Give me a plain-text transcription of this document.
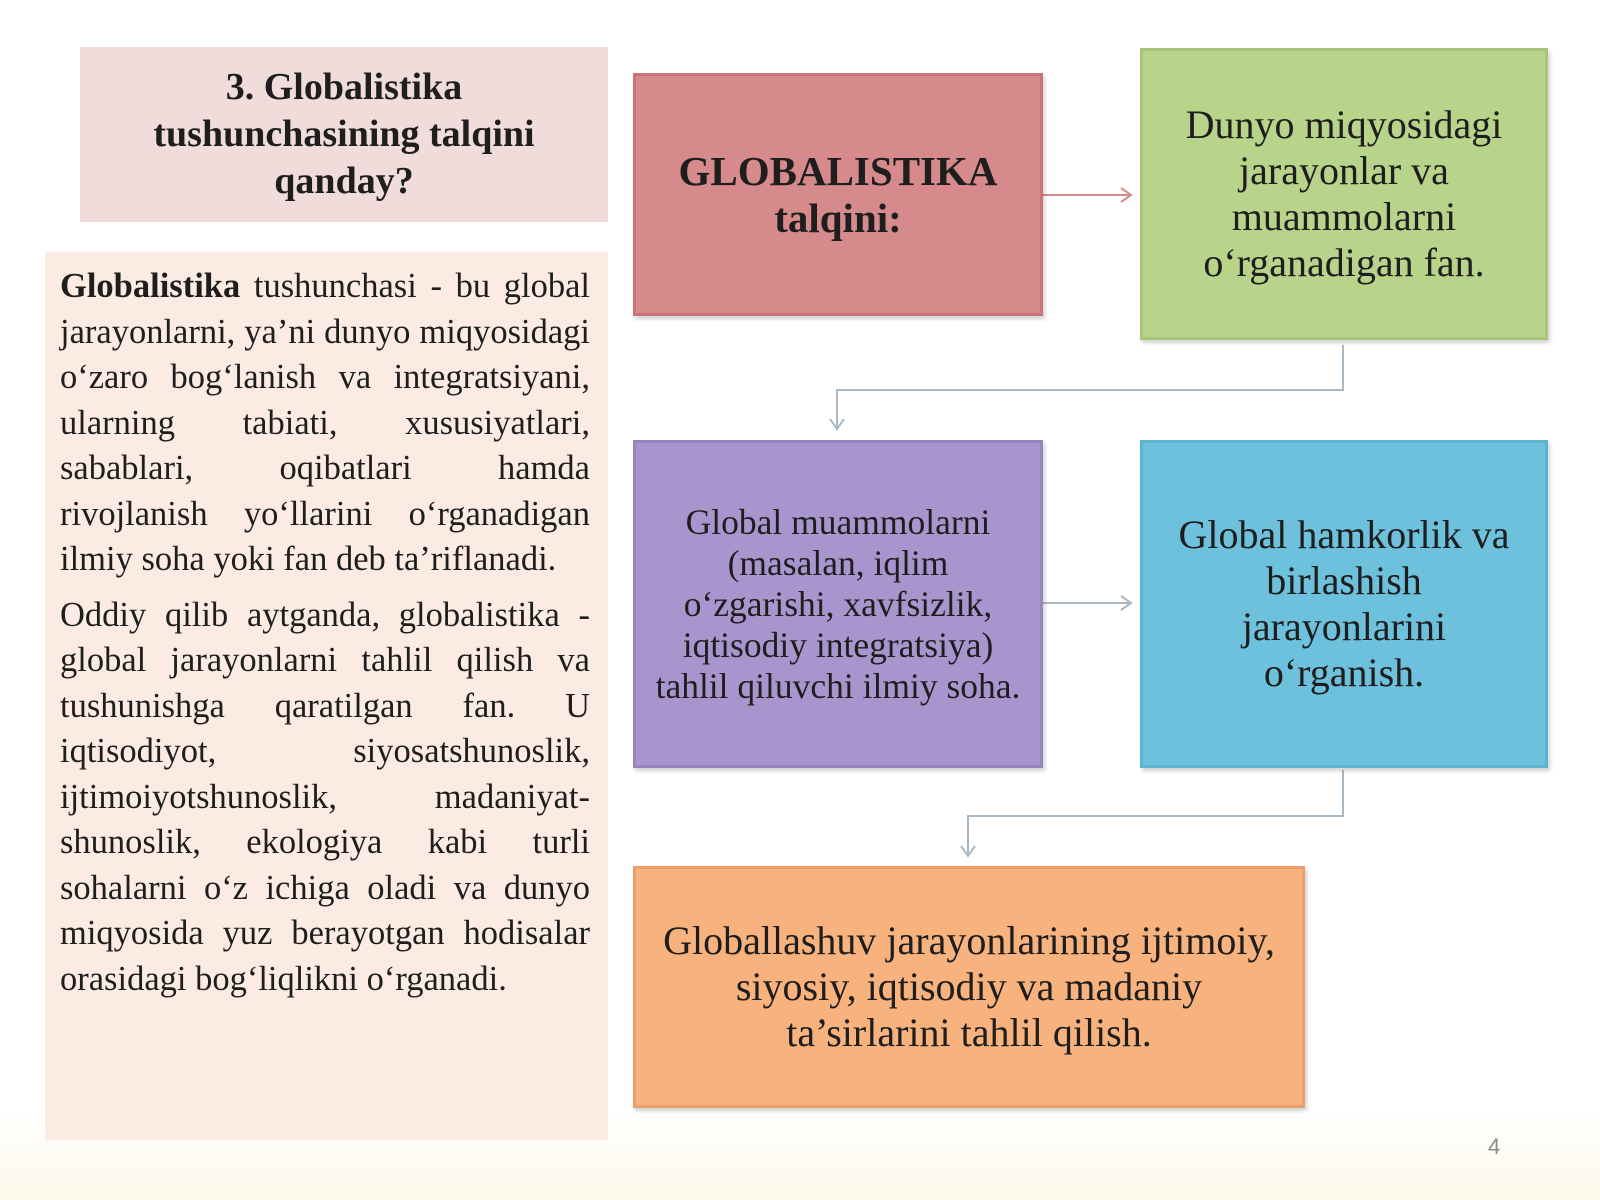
3. Globalistika tushunchasining talqini qanday?

Globalistika tushunchasi - bu global jarayonlarni, ya’ni dunyo miqyosidagi o‘zaro bog‘lanish va integratsiyani, ularning tabiati, xususiyatlari, sabablari, oqibatlari hamda rivojlanish yo‘llarini o‘rganadigan ilmiy soha yoki fan deb ta’riflanadi.

Oddiy qilib aytganda, globalistika - global jarayonlarni tahlil qilish va tushunishga qaratilgan fan. U iqtisodiyot, siyosatshunoslik, ijtimoiyotshunoslik, madaniyat-shunoslik, ekologiya kabi turli sohalarni o‘z ichiga oladi va dunyo miqyosida yuz berayotgan hodisalar orasidagi bog‘liqlikni o‘rganadi.

GLOBALISTIKA talqini:
Dunyo miqyosidagi jarayonlar va muammolarni o‘rganadigan fan.
Global muammolarni (masalan, iqlim o‘zgarishi, xavfsizlik, iqtisodiy integratsiya) tahlil qiluvchi ilmiy soha.
Global hamkorlik va birlashish jarayonlarini o‘rganish.
Globallashuv jarayonlarining ijtimoiy, siyosiy, iqtisodiy va madaniy ta’sirlarini tahlil qilish.
4
